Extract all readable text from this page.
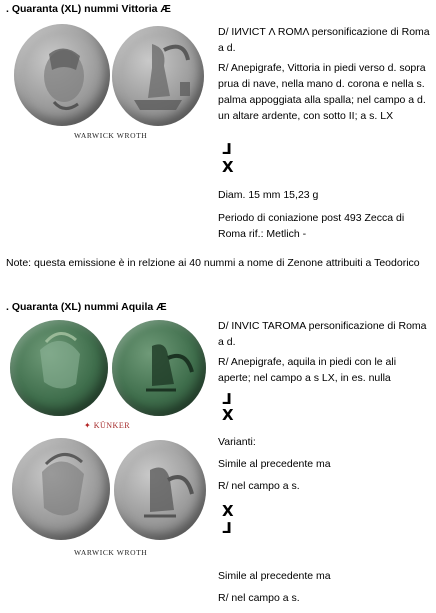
. Quaranta (XL) nummi Vittoria Æ
WARWICK WROTH

D/ IИVICT Λ ROMΛ personificazione di Roma a d.

R/ Anepigrafe, Vittoria in piedi verso d. sopra prua di nave, nella mano d. corona e nella s. palma appoggiata alla spalla; nel campo a d. un altare ardente, con sotto II; a s. LX

⅃
X
Diam. 15 mm 15,23 g
Periodo di coniazione post 493 Zecca di Roma rif.: Metlich -
Note: questa emissione è in relzione ai 40 nummi a nome di Zenone attribuiti a Teodorico
. Quaranta (XL) nummi Aquila Æ
✦ KÜNKER
WARWICK WROTH

D/ INVIC TAROMA personificazione di Roma a d.

R/ Anepigrafe, aquila in piedi con le ali aperte; nel campo a s LX, in es. nulla

⅃
X
Varianti:
Simile al precedente ma
R/ nel campo a s.
X
⅃
Simile al precedente ma
R/ nel campo a s.
